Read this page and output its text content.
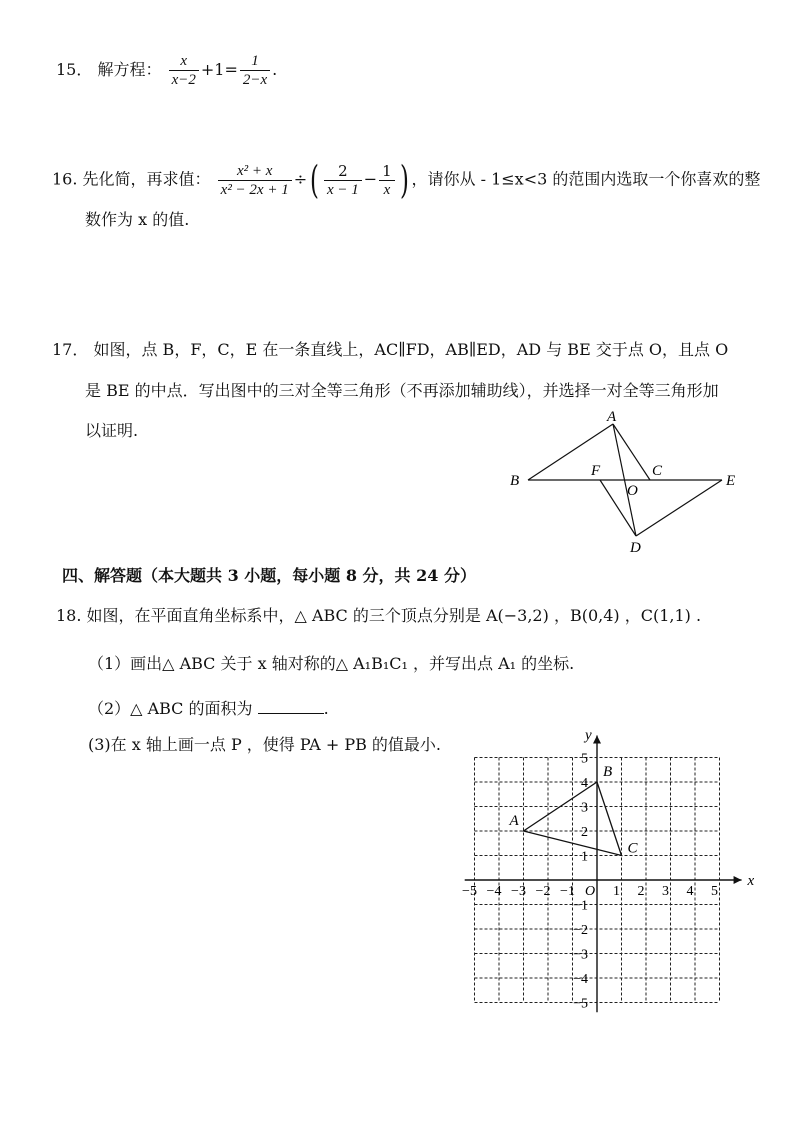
15． 解方程： $\frac{x}{x-2} +1= \frac{1}{2-x}$ .
16. 先化简，再求值： $\frac{\text{x² + x}}{\text{x² − 2x + 1}}$ ÷( $\frac{2}{x - 1} - \frac{1}{x}$ ) ，请你从 - 1≤x<3 的范围内选取一个你喜欢的整
数作为 x 的值.
17． 如图，点 B，F，C，E 在一条直线上，AC∥FD，AB∥ED，AD 与 BE 交于点 O，且点 O
是 BE 的中点．写出图中的三对全等三角形（不再添加辅助线），并选择一对全等三角形加
以证明.
A
B
F	C
O
E
D
四、解答题（本大题共 3 小题，每小题 8 分，共 24 分）
18. 如图，在平面直角坐标系中，△ ABC 的三个顶点分别是 A(−3,2) ，B(0,4) ，C(1,1) .
（1）画出△ ABC 关于 x 轴对称的△ A₁B₁C₁ ，并写出点 A₁ 的坐标.
（2）△ ABC 的面积为	.
(3)在 x 轴上画一点 P ，使得 PA + PB 的值最小.
x
y
O
−5 −4 −3 −2 −1	1 2 3 4 5
5
4
3
2
1
−1
−2
−3
−4
−5
A
B
C
